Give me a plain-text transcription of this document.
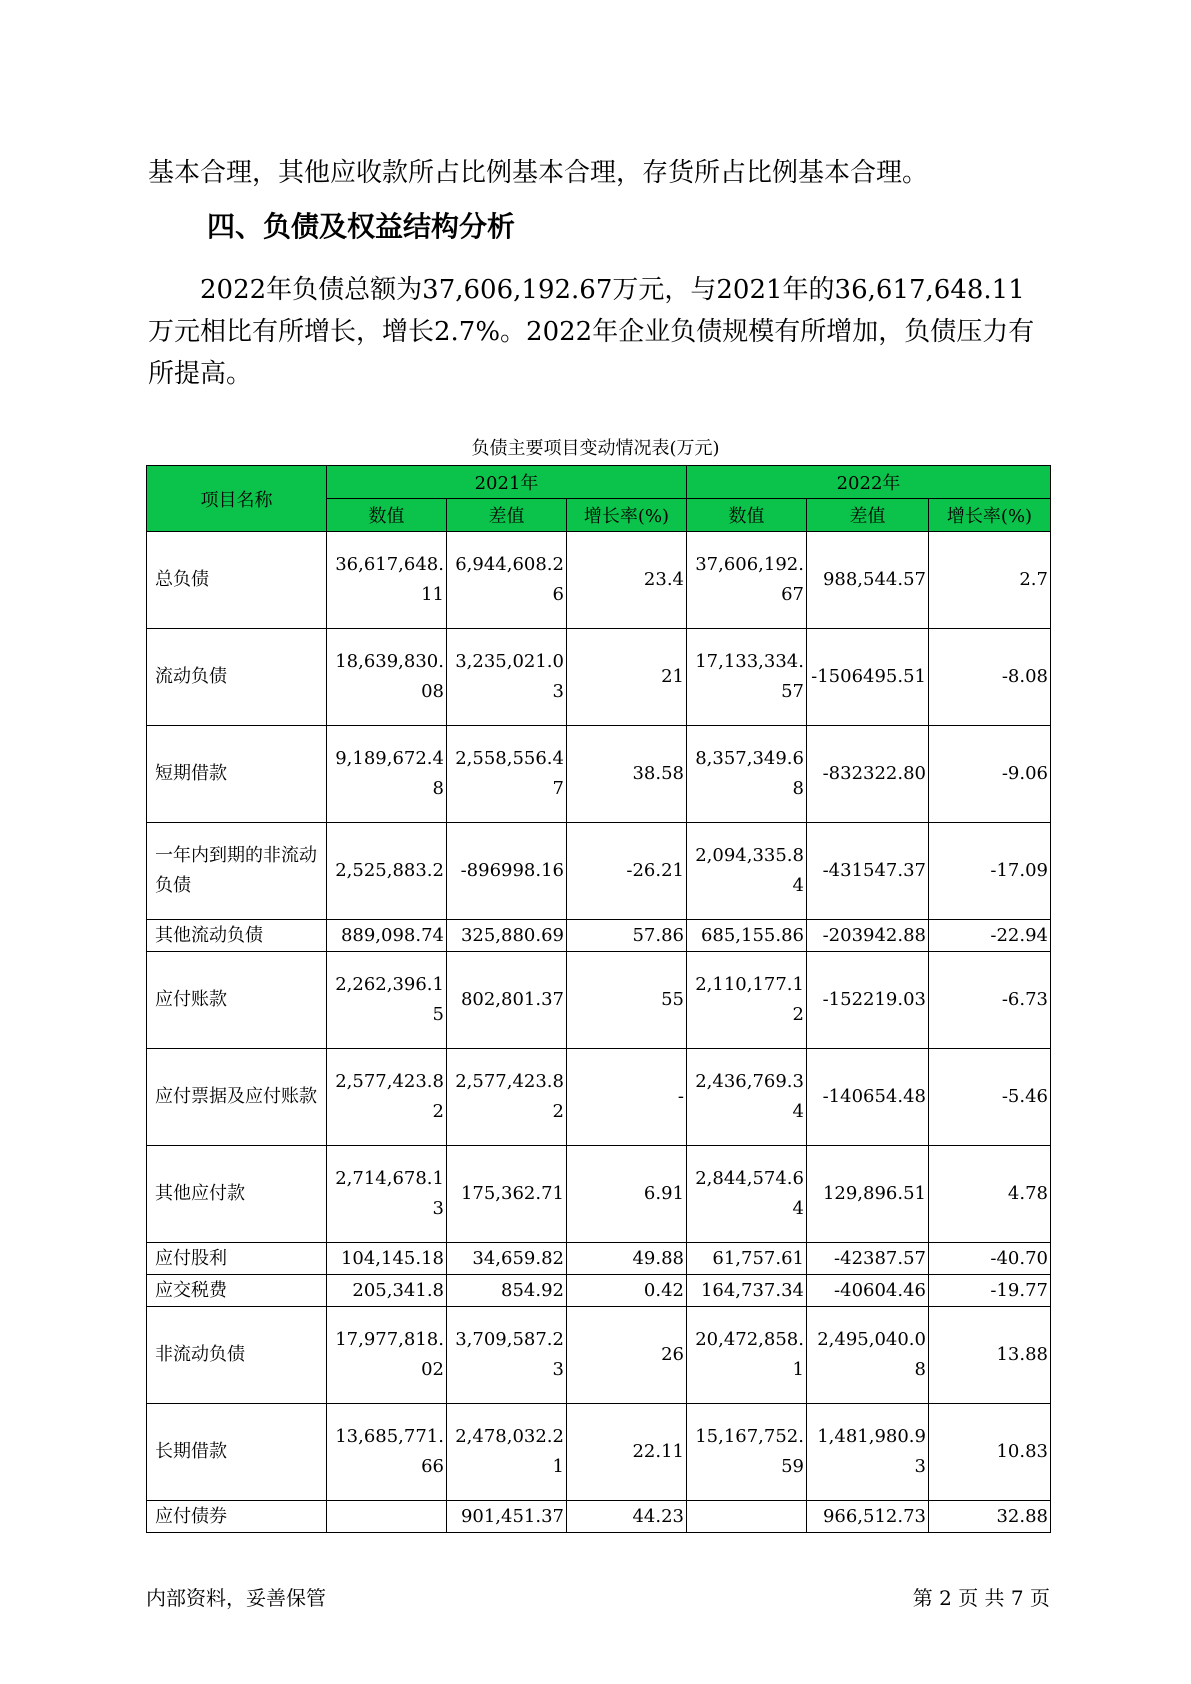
基本合理，其他应收款所占比例基本合理，存货所占比例基本合理。

四、负债及权益结构分析

2022年负债总额为37,606,192.67万元，与2021年的36,617,648.11万元相比有所增长，增长2.7%。2022年企业负债规模有所增加，负债压力有所提高。

负债主要项目变动情况表(万元)
项目名称	2021年			2022年		
	数值	差值	增长率(%)	数值	差值	增长率(%)
总负债	36,617,648.11	6,944,608.26	23.4	37,606,192.67	988,544.57	2.7
流动负债	18,639,830.08	3,235,021.03	21	17,133,334.57	-1506495.51	-8.08
短期借款	9,189,672.48	2,558,556.47	38.58	8,357,349.68	-832322.80	-9.06
一年内到期的非流动负债	2,525,883.2	-896998.16	-26.21	2,094,335.84	-431547.37	-17.09
其他流动负债	889,098.74	325,880.69	57.86	685,155.86	-203942.88	-22.94
应付账款	2,262,396.15	802,801.37	55	2,110,177.12	-152219.03	-6.73
应付票据及应付账款	2,577,423.82	2,577,423.82	-	2,436,769.34	-140654.48	-5.46
其他应付款	2,714,678.13	175,362.71	6.91	2,844,574.64	129,896.51	4.78
应付股利	104,145.18	34,659.82	49.88	61,757.61	-42387.57	-40.70
应交税费	205,341.8	854.92	0.42	164,737.34	-40604.46	-19.77
非流动负债	17,977,818.02	3,709,587.23	26	20,472,858.1	2,495,040.08	13.88
长期借款	13,685,771.66	2,478,032.21	22.11	15,167,752.59	1,481,980.93	10.83
应付债券		901,451.37	44.23		966,512.73	32.88
内部资料，妥善保管	第 2 页 共 7 页
